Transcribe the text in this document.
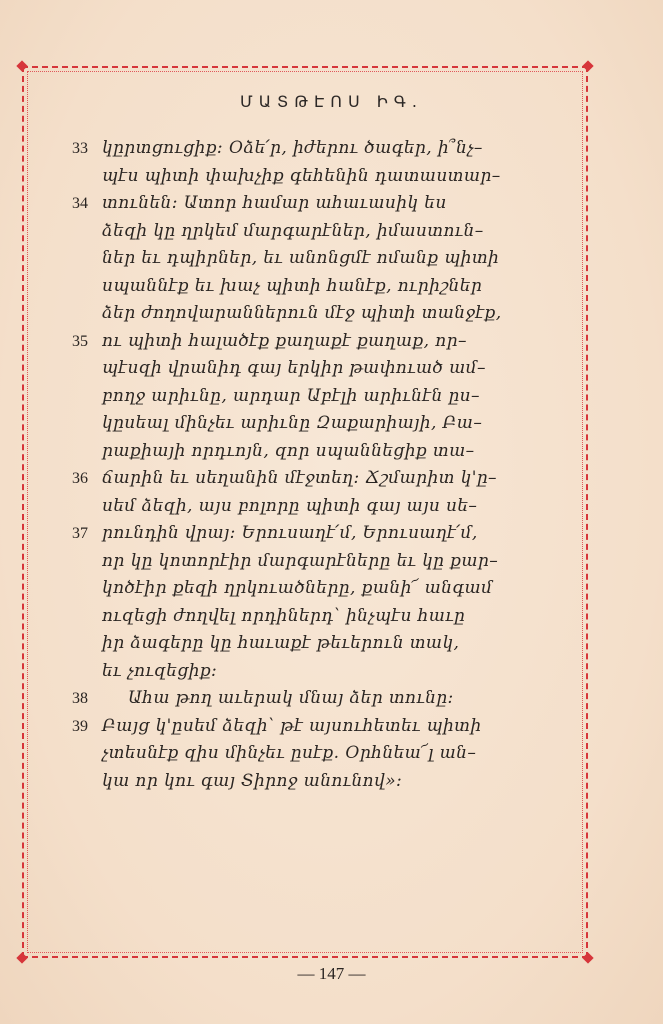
ՄԱՏԹԷՈՍ ԻԳ.
33 կըրտցուցիք։ Օձե՛ր, իժերու ծագեր, ի՞նչ–
պէս պիտի փախչիք գեհենին դատաստար–
34 տունեն։ Ատոր համար ահաւասիկ ես
ձեզի կը ղրկեմ մարգարէներ, իմաստուն–
ներ եւ դպիրներ, եւ անոնցմէ ոմանք պիտի
սպաննէք եւ խաչ պիտի հանէք, ուրիշներ
ձեր ժողովարաններուն մէջ պիտի տանջէք,
35 ու պիտի հալածէք քաղաքէ քաղաք, որ–
պէսզի վրանիդ գայ երկիր թափուած ամ–
բողջ արիւնը, արդար Աբէլի արիւնէն ըս–
կըսեալ մինչեւ արիւնը Զաքարիայի, Բա–
րաքիայի որդւոյն, զոր սպաննեցիք տա–
36 ճարին եւ սեղանին մէջտեղ։ Ճշմարիտ կ'ը–
սեմ ձեզի, այս բոլորը պիտի գայ այս սե–
37 րունդին վրայ։ Երուսաղէ՛մ, Երուսաղէ՛մ,
որ կը կոտորէիր մարգարէները եւ կը քար–
կոծէիր քեզի ղրկուածները, քանի՜ անգամ
ուզեցի ժողվել որդիներդ՝ ինչպէս հաւը
իր ձագերը կը հաւաքէ թեւերուն տակ,
եւ չուզեցիք։
38	Ահա թող աւերակ մնայ ձեր տունը։
39 Բայց կ'ըսեմ ձեզի՝ թէ այսուհետեւ պիտի
չտեսնէք զիս մինչեւ ըսէք. Օրհնեա՜լ ան–
կա որ կու գայ Տիրոջ անունով»։
— 147 —
